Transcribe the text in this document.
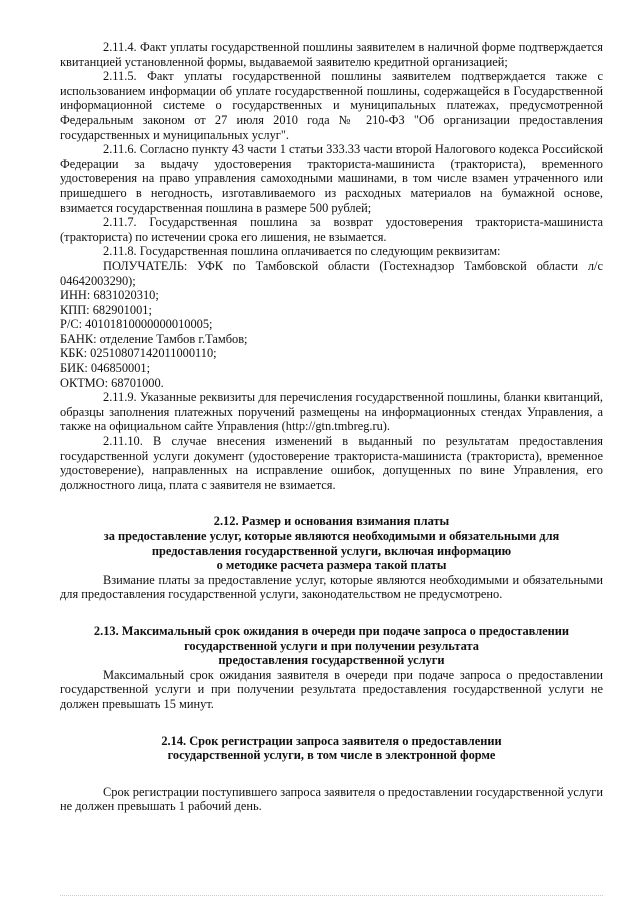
2.11.4. Факт уплаты государственной пошлины заявителем в наличной форме подтверждается квитанцией установленной формы, выдаваемой заявителю кредитной организацией;

2.11.5. Факт уплаты государственной пошлины заявителем подтверждается также с использованием информации об уплате государственной пошлины, содержащейся в Государственной информационной системе о государственных и муниципальных платежах, предусмотренной Федеральным законом от 27 июля 2010 года № 210-ФЗ "Об организации предоставления государственных и муниципальных услуг".

2.11.6. Согласно пункту 43 части 1 статьи 333.33 части второй Налогового кодекса Российской Федерации за выдачу удостоверения тракториста-машиниста (тракториста), временного удостоверения на право управления самоходными машинами, в том числе взамен утраченного или пришедшего в негодность, изготавливаемого из расходных материалов на бумажной основе, взимается государственная пошлина в размере 500 рублей;

2.11.7. Государственная пошлина за возврат удостоверения тракториста-машиниста (тракториста) по истечении срока его лишения, не взымается.

2.11.8. Государственная пошлина оплачивается по следующим реквизитам:

ПОЛУЧАТЕЛЬ: УФК по Тамбовской области (Гостехнадзор Тамбовской области л/с 04642003290);

ИНН: 6831020310;
КПП: 682901001;
Р/С: 40101810000000010005;
БАНК: отделение Тамбов г.Тамбов;
КБК: 02510807142011000110;
БИК: 046850001;
ОКТМО: 68701000.

2.11.9. Указанные реквизиты для перечисления государственной пошлины, бланки квитанций, образцы заполнения платежных поручений размещены на информационных стендах Управления, а также на официальном сайте Управления (http://gtn.tmbreg.ru).

2.11.10. В случае внесения изменений в выданный по результатам предоставления государственной услуги документ (удостоверение тракториста-машиниста (тракториста), временное удостоверение), направленных на исправление ошибок, допущенных по вине Управления, его должностного лица, плата с заявителя не взимается.

2.12. Размер и основания взимания платы
за предоставление услуг, которые являются необходимыми и обязательными для
предоставления государственной услуги, включая информацию
о методике расчета размера такой платы

Взимание платы за предоставление услуг, которые являются необходимыми и обязательными для предоставления государственной услуги, законодательством не предусмотрено.

2.13. Максимальный срок ожидания в очереди при подаче запроса о предоставлении
государственной услуги и при получении результата
предоставления государственной услуги

Максимальный срок ожидания заявителя в очереди при подаче запроса о предоставлении государственной услуги и при получении результата предоставления государственной услуги не должен превышать 15 минут.

2.14. Срок регистрации запроса заявителя о предоставлении
государственной услуги, в том числе в электронной форме

Срок регистрации поступившего запроса заявителя о предоставлении государственной услуги не должен превышать 1 рабочий день.
